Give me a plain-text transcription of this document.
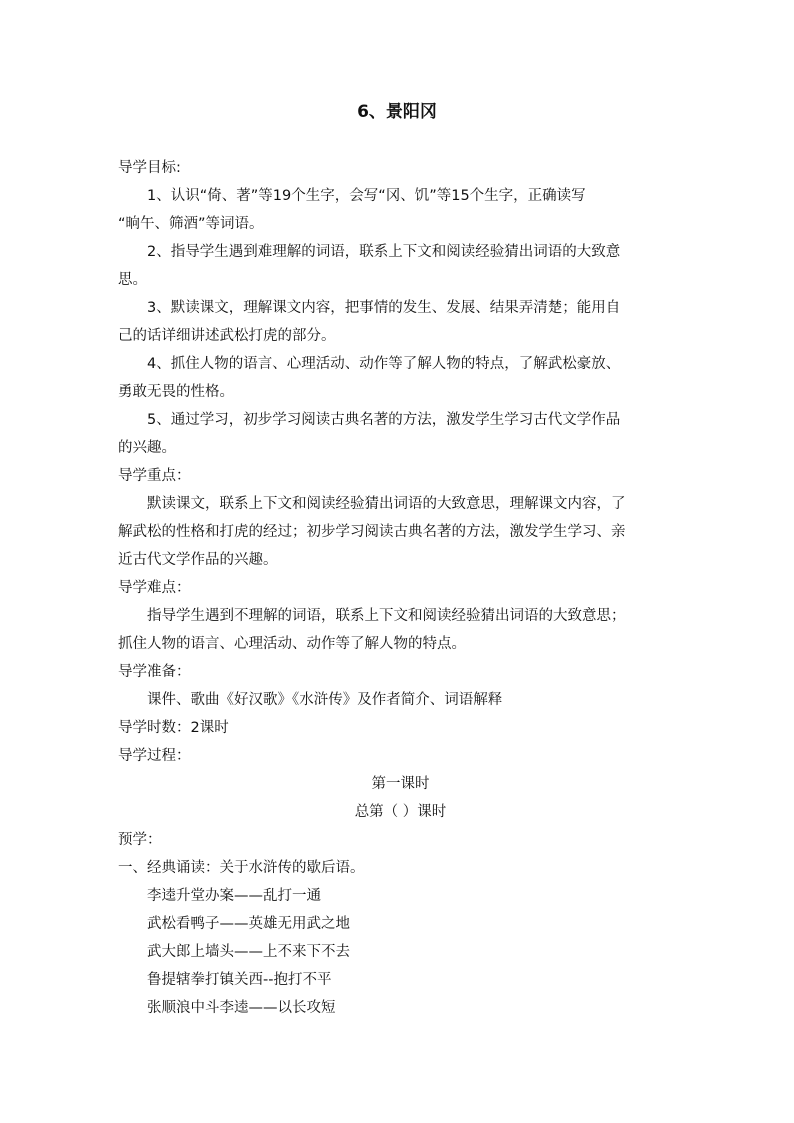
6、景阳冈
导学目标:
1、认识“倚、著”等19个生字，会写“冈、饥”等15个生字，正确读写
“晌午、筛酒”等词语。
2、指导学生遇到难理解的词语，联系上下文和阅读经验猜出词语的大致意
思。
3、默读课文，理解课文内容，把事情的发生、发展、结果弄清楚；能用自
己的话详细讲述武松打虎的部分。
4、抓住人物的语言、心理活动、动作等了解人物的特点，了解武松豪放、
勇敢无畏的性格。
5、通过学习，初步学习阅读古典名著的方法，激发学生学习古代文学作品
的兴趣。
导学重点：
默读课文，联系上下文和阅读经验猜出词语的大致意思，理解课文内容，了
解武松的性格和打虎的经过；初步学习阅读古典名著的方法，激发学生学习、亲
近古代文学作品的兴趣。
导学难点：
指导学生遇到不理解的词语，联系上下文和阅读经验猜出词语的大致意思；
抓住人物的语言、心理活动、动作等了解人物的特点。
导学准备：
课件、歌曲《好汉歌》《水浒传》及作者简介、词语解释
导学时数：2课时
导学过程：
第一课时
总第（ ）课时
预学：
一、经典诵读：关于水浒传的歇后语。
李逵升堂办案——乱打一通
武松看鸭子——英雄无用武之地
武大郎上墙头——上不来下不去
鲁提辖拳打镇关西--抱打不平
张顺浪中斗李逵——以长攻短
